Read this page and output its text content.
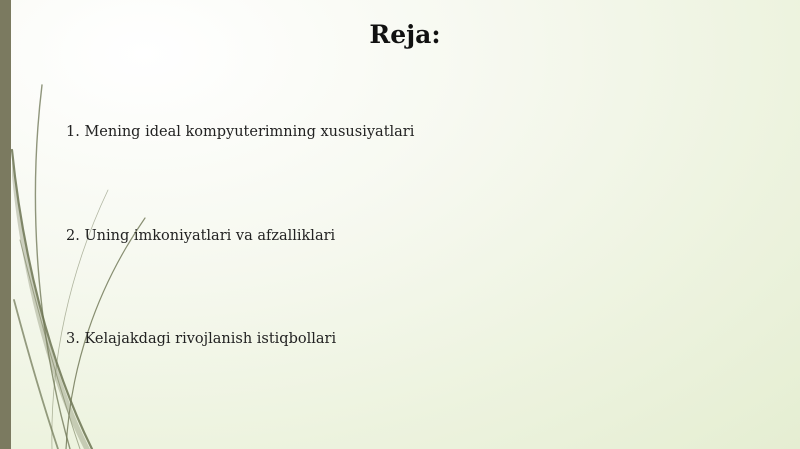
Reja:
1. Mening ideal kompyuterimning xususiyatlari
2. Uning imkoniyatlari va afzalliklari
3. Kelajakdagi rivojlanish istiqbollari
